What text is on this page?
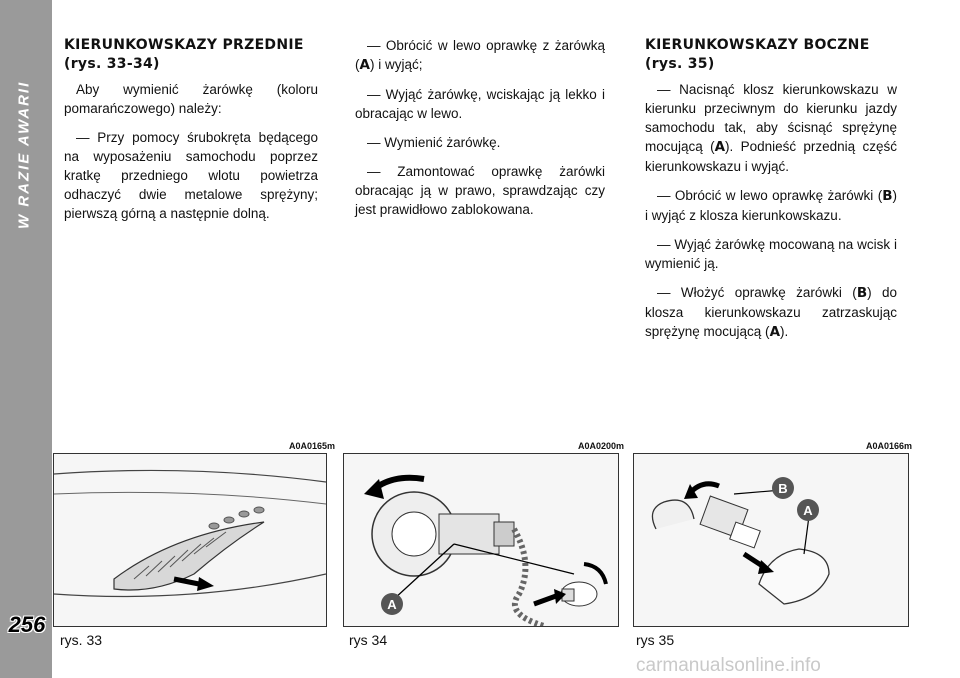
W RAZIE AWARII
256
KIERUNKOWSKAZY PRZEDNIE (rys. 33-34)

Aby wymienić żarówkę (koloru pomarańczowego) należy:

— Przy pomocy śrubokręta będącego na wyposażeniu samochodu poprzez kratkę przedniego wlotu powietrza odhaczyć dwie metalowe sprężyny; pierwszą górną a następnie dolną.

— Obrócić w lewo oprawkę z żarówką (A) i wyjąć;

— Wyjąć żarówkę, wciskając ją lekko i obracając w lewo.

— Wymienić żarówkę.

— Zamontować oprawkę żarówki obracając ją w prawo, sprawdzając czy jest prawidłowo zablokowana.

KIERUNKOWSKAZY BOCZNE (rys. 35)

— Nacisnąć klosz kierunkowskazu w kierunku przeciwnym do kierunku jazdy samochodu tak, aby ścisnąć sprężynę mocującą (A). Podnieść przednią część kierunkowskazu i wyjąć.

— Obrócić w lewo oprawkę żarówki (B) i wyjąć z klosza kierunkowskazu.

— Wyjąć żarówkę mocowaną na wcisk i wymienić ją.

— Włożyć oprawkę żarówki (B) do klosza kierunkowskazu zatrzaskując sprężynę mocującą (A).

A0A0165m	A0A0200m	A0A0166m
A
B
A
rys. 33	rys 34	rys 35
carmanualsonline.info
